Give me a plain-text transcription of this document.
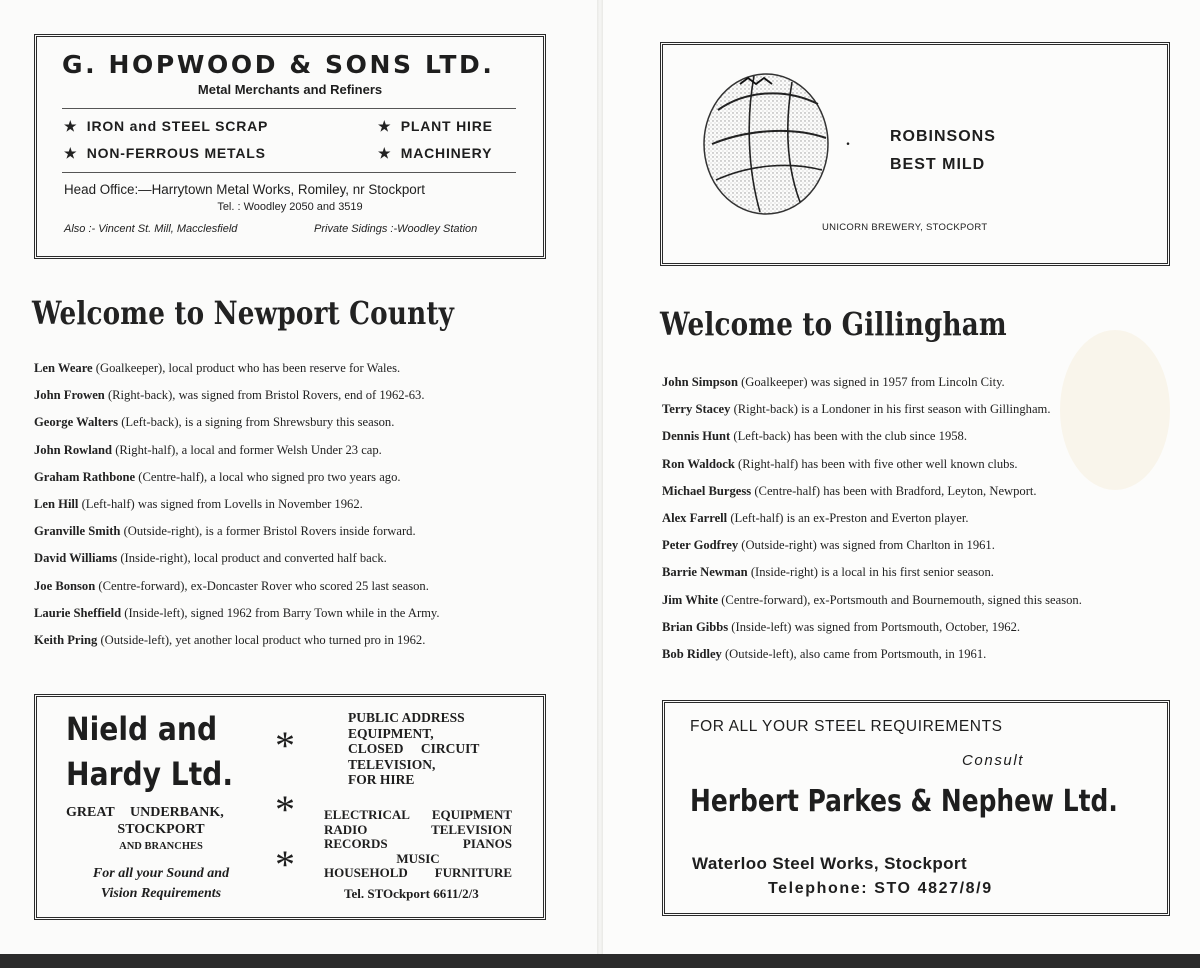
G. HOPWOOD & SONS LTD.
Metal Merchants and Refiners
★ IRON and STEEL SCRAP
★ NON-FERROUS METALS
★ PLANT HIRE
★ MACHINERY
Head Office:—Harrytown Metal Works, Romiley, nr Stockport
Tel. : Woodley 2050 and 3519
Also :- Vincent St. Mill, Macclesfield	Private Sidings :-Woodley Station
Welcome to Newport County
Len Weare (Goalkeeper), local product who has been reserve for Wales.
John Frowen (Right-back), was signed from Bristol Rovers, end of 1962-63.
George Walters (Left-back), is a signing from Shrewsbury this season.
John Rowland (Right-half), a local and former Welsh Under 23 cap.
Graham Rathbone (Centre-half), a local who signed pro two years ago.
Len Hill (Left-half) was signed from Lovells in November 1962.
Granville Smith (Outside-right), is a former Bristol Rovers inside forward.
David Williams (Inside-right), local product and converted half back.
Joe Bonson (Centre-forward), ex-Doncaster Rover who scored 25 last season.
Laurie Sheffield (Inside-left), signed 1962 from Barry Town while in the Army.
Keith Pring (Outside-left), yet another local product who turned pro in 1962.
Nield and
Hardy Ltd.
GREAT UNDERBANK,
STOCKPORT
AND BRANCHES
For all your Sound and
Vision Requirements
*
*
*
PUBLIC ADDRESS
EQUIPMENT,
CLOSED CIRCUIT
TELEVISION,
FOR HIRE
ELECTRICAL EQUIPMENT
RADIO TELEVISION
RECORDS PIANOS
MUSIC
HOUSEHOLD FURNITURE
Tel. STOckport 6611/2/3
.	ROBINSONS
BEST MILD
UNICORN BREWERY, STOCKPORT
Welcome to Gillingham
John Simpson (Goalkeeper) was signed in 1957 from Lincoln City.
Terry Stacey (Right-back) is a Londoner in his first season with Gillingham.
Dennis Hunt (Left-back) has been with the club since 1958.
Ron Waldock (Right-half) has been with five other well known clubs.
Michael Burgess (Centre-half) has been with Bradford, Leyton, Newport.
Alex Farrell (Left-half) is an ex-Preston and Everton player.
Peter Godfrey (Outside-right) was signed from Charlton in 1961.
Barrie Newman (Inside-right) is a local in his first senior season.
Jim White (Centre-forward), ex-Portsmouth and Bournemouth, signed this season.
Brian Gibbs (Inside-left) was signed from Portsmouth, October, 1962.
Bob Ridley (Outside-left), also came from Portsmouth, in 1961.
FOR ALL YOUR STEEL REQUIREMENTS
Consult
Herbert Parkes & Nephew Ltd.
Waterloo Steel Works, Stockport
Telephone: STO 4827/8/9
